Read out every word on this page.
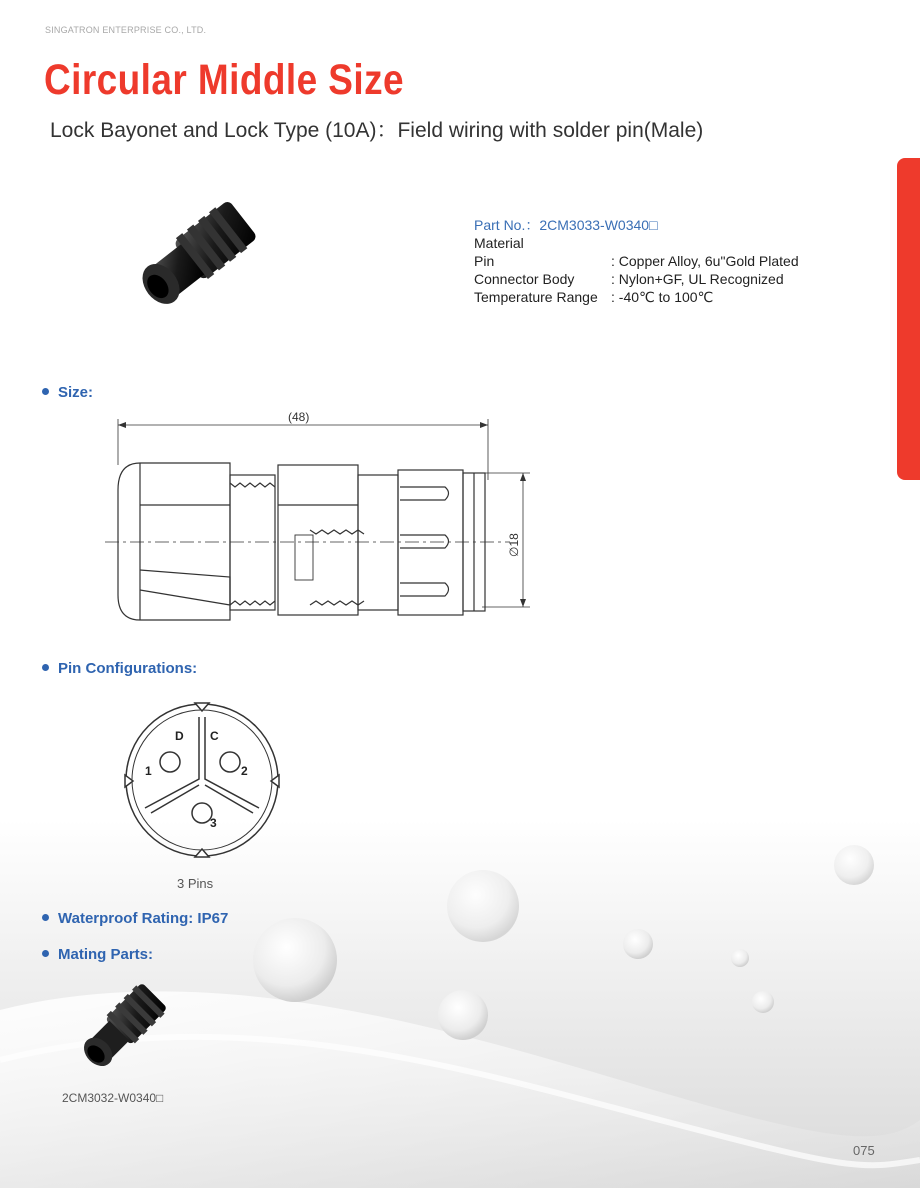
SINGATRON ENTERPRISE CO., LTD.
Circular Middle Size
Lock Bayonet and Lock Type (10A)：Field wiring with solder pin(Male)
Part No.：2CM3033-W0340□
Material
Pin	: Copper Alloy, 6u"Gold Plated
Connector Body	: Nylon+GF, UL Recognized
Temperature Range : -40℃ to 100℃
Size:
(48)
∅18
Pin Configurations:
D C
1	2
3
3 Pins
Waterproof Rating: IP67
Mating Parts:
2CM3032-W0340□
075
